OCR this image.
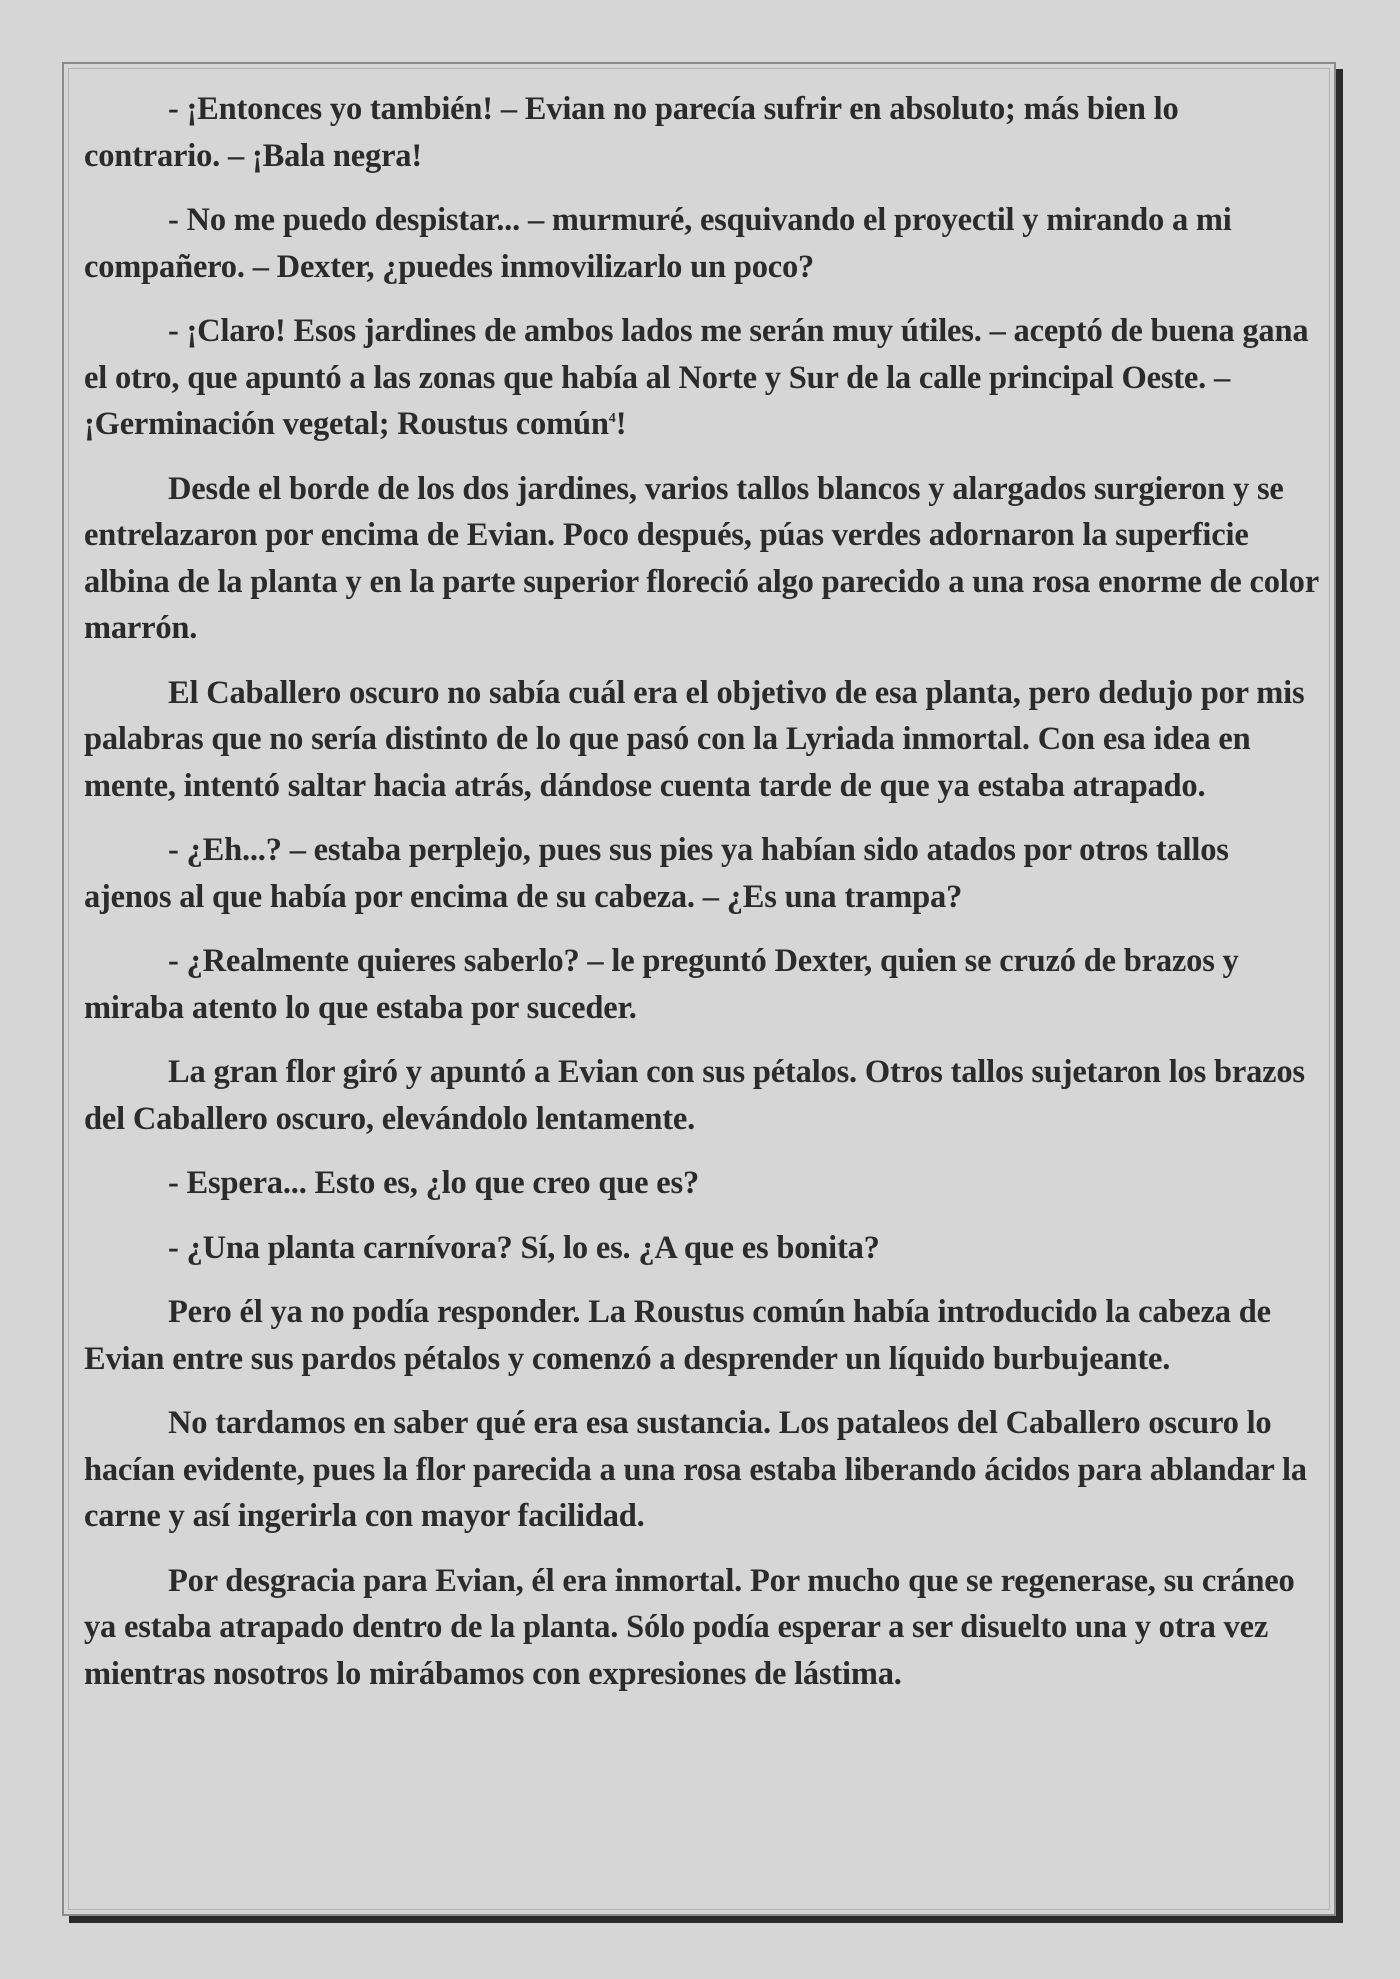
- ¡Entonces yo también! – Evian no parecía sufrir en absoluto; más bien lo contrario. – ¡Bala negra!

- No me puedo despistar... – murmuré, esquivando el proyectil y mirando a mi compañero. – Dexter, ¿puedes inmovilizarlo un poco?

- ¡Claro! Esos jardines de ambos lados me serán muy útiles. – aceptó de buena gana el otro, que apuntó a las zonas que había al Norte y Sur de la calle principal Oeste. – ¡Germinación vegetal; Roustus común$^4$!

Desde el borde de los dos jardines, varios tallos blancos y alargados surgieron y se entrelazaron por encima de Evian. Poco después, púas verdes adornaron la superficie albina de la planta y en la parte superior floreció algo parecido a una rosa enorme de color marrón.

El Caballero oscuro no sabía cuál era el objetivo de esa planta, pero dedujo por mis palabras que no sería distinto de lo que pasó con la Lyriada inmortal. Con esa idea en mente, intentó saltar hacia atrás, dándose cuenta tarde de que ya estaba atrapado.

- ¿Eh...? – estaba perplejo, pues sus pies ya habían sido atados por otros tallos ajenos al que había por encima de su cabeza. – ¿Es una trampa?

- ¿Realmente quieres saberlo? – le preguntó Dexter, quien se cruzó de brazos y miraba atento lo que estaba por suceder.

La gran flor giró y apuntó a Evian con sus pétalos. Otros tallos sujetaron los brazos del Caballero oscuro, elevándolo lentamente.

- Espera... Esto es, ¿lo que creo que es?

- ¿Una planta carnívora? Sí, lo es. ¿A que es bonita?

Pero él ya no podía responder. La Roustus común había introducido la cabeza de Evian entre sus pardos pétalos y comenzó a desprender un líquido burbujeante.

No tardamos en saber qué era esa sustancia. Los pataleos del Caballero oscuro lo hacían evidente, pues la flor parecida a una rosa estaba liberando ácidos para ablandar la carne y así ingerirla con mayor facilidad.

Por desgracia para Evian, él era inmortal. Por mucho que se regenerase, su cráneo ya estaba atrapado dentro de la planta. Sólo podía esperar a ser disuelto una y otra vez mientras nosotros lo mirábamos con expresiones de lástima.
